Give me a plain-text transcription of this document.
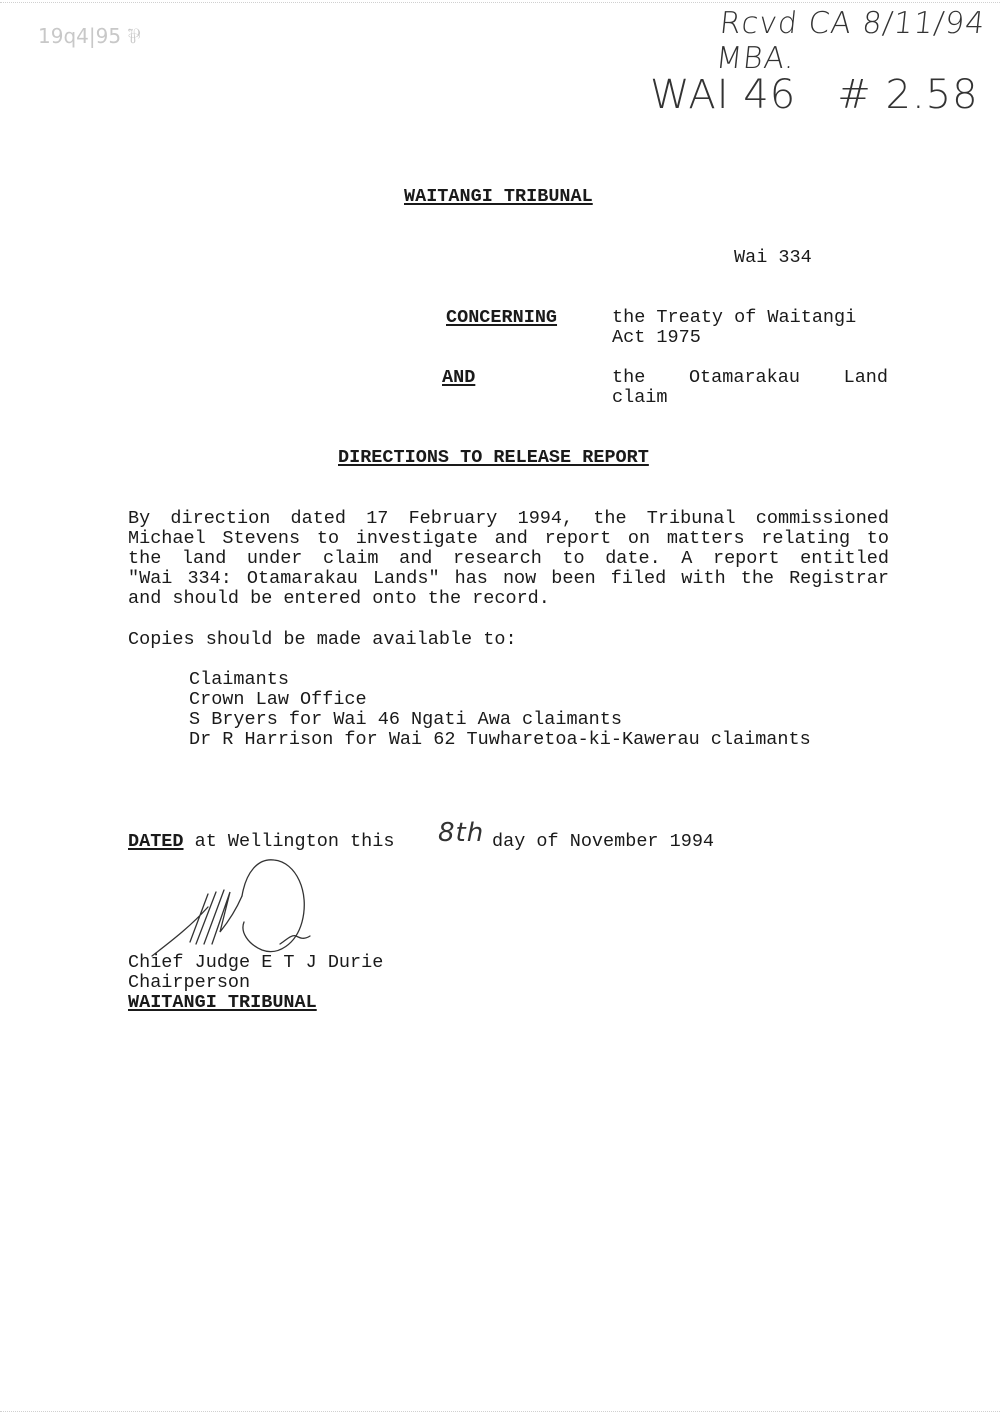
19q4|95 ⅌	Rcvd CA 8/11/94 MBA.
WAI 46   # 2.58
WAITANGI TRIBUNAL
Wai 334
CONCERNING	the Treaty of Waitangi
Act 1975
AND	the Otamarakau Land
claim
DIRECTIONS TO RELEASE REPORT
By direction dated 17 February 1994, the Tribunal commissioned
Michael Stevens to investigate and report on matters relating to
the land under claim and research to date. A report entitled
"Wai 334: Otamarakau Lands" has now been filed with the Registrar
and should be entered onto the record.
Copies should be made available to:
Claimants
Crown Law Office
S Bryers for Wai 46 Ngati Awa claimants
Dr R Harrison for Wai 62 Tuwharetoa-ki-Kawerau claimants
DATED at Wellington this 8th day of November 1994
Chief Judge E T J Durie
Chairperson
WAITANGI TRIBUNAL
